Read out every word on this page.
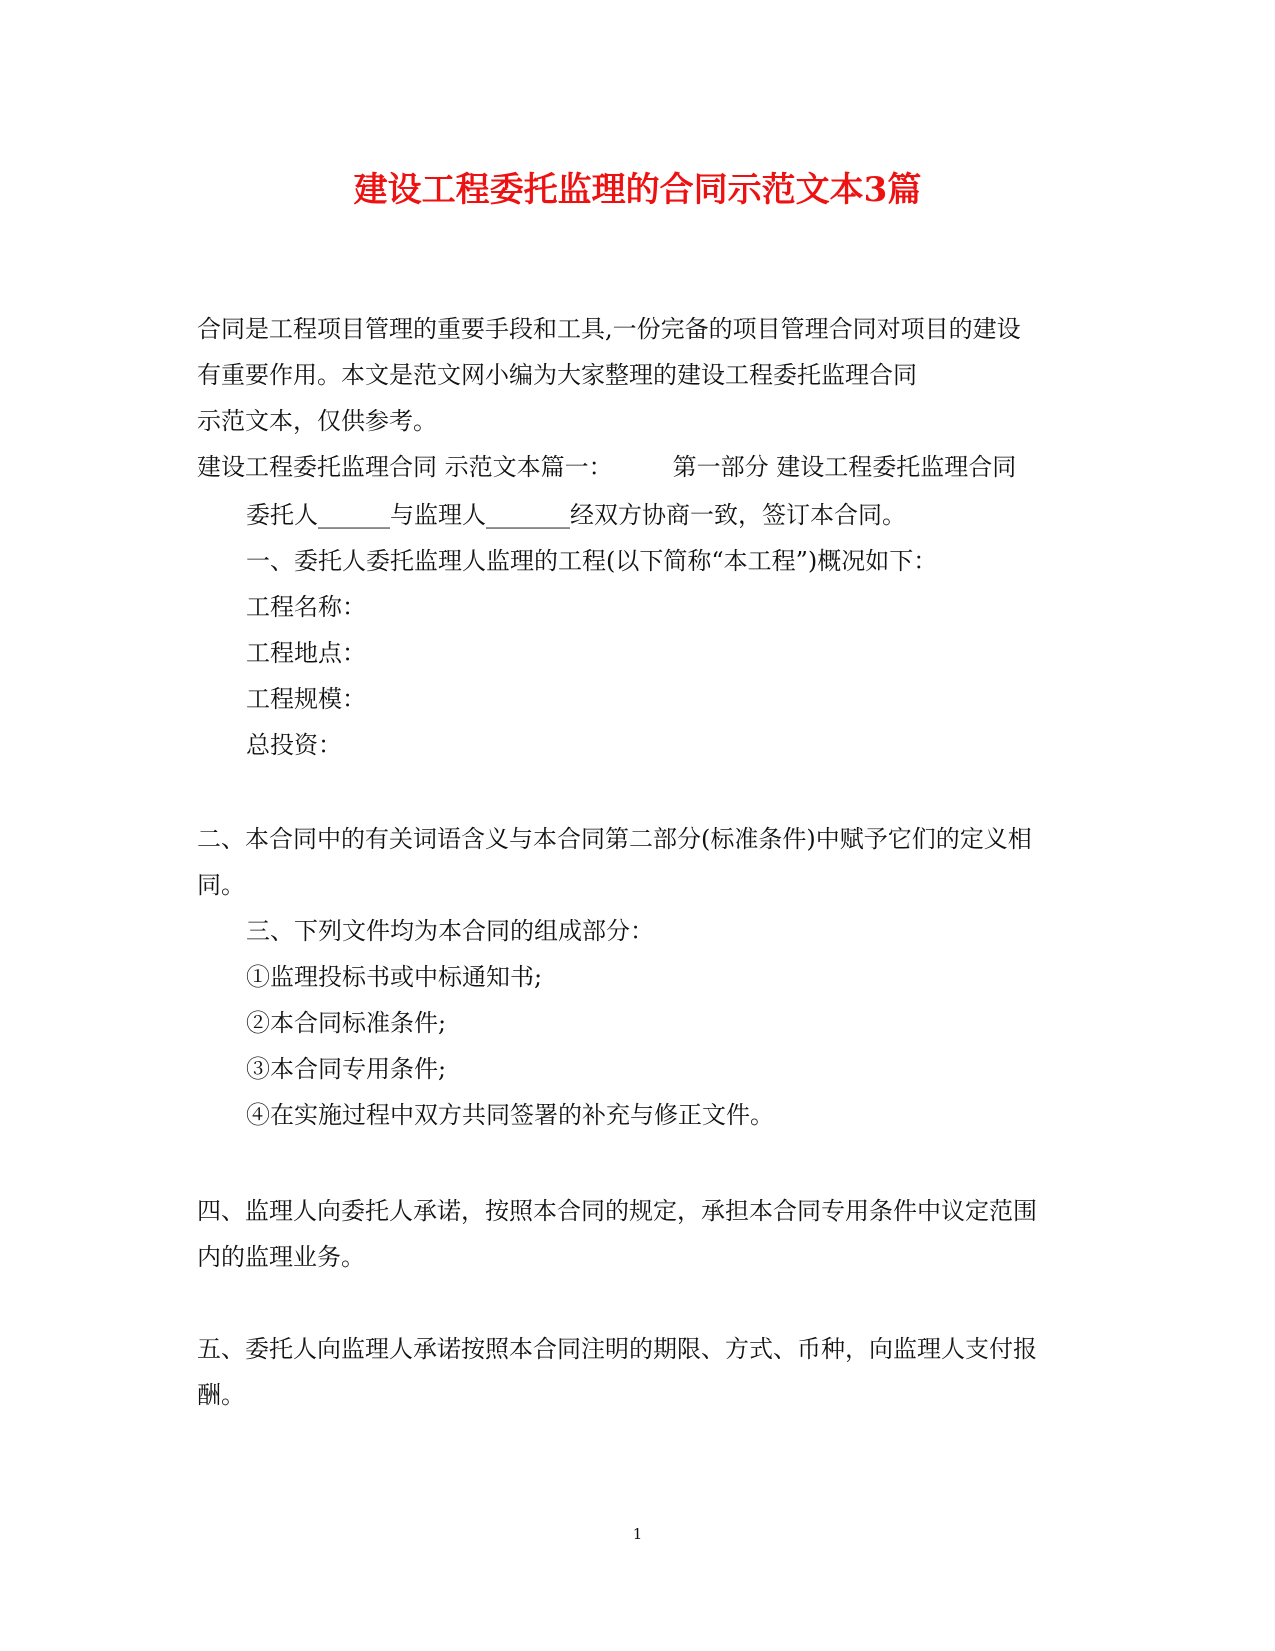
建设工程委托监理的合同示范文本3篇

合同是工程项目管理的重要手段和工具,一份完备的项目管理合同对项目的建设

有重要作用。本文是范文网小编为大家整理的建设工程委托监理合同

示范文本，仅供参考。

建设工程委托监理合同 示范文本篇一：	第一部分 建设工程委托监理合同

委托人______与监理人_______经双方协商一致，签订本合同。

一、委托人委托监理人监理的工程(以下简称“本工程”)概况如下：

工程名称：

工程地点：

工程规模：

总投资：

二、本合同中的有关词语含义与本合同第二部分(标准条件)中赋予它们的定义相

同。

三、下列文件均为本合同的组成部分：

①监理投标书或中标通知书;

②本合同标准条件;

③本合同专用条件;

④在实施过程中双方共同签署的补充与修正文件。

四、监理人向委托人承诺，按照本合同的规定，承担本合同专用条件中议定范围

内的监理业务。

五、委托人向监理人承诺按照本合同注明的期限、方式、币种，向监理人支付报

酬。

1
